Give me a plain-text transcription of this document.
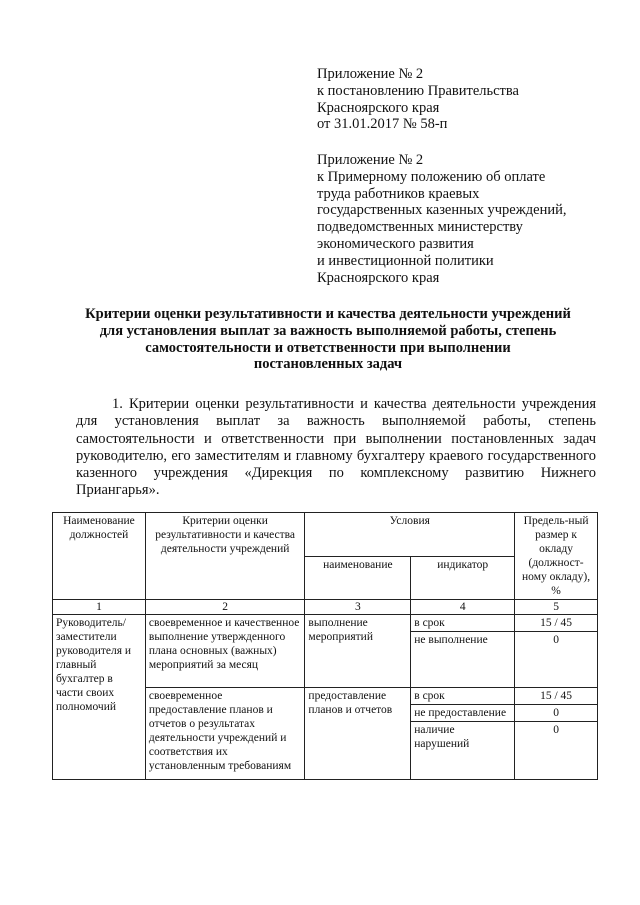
Приложение № 2
к постановлению Правительства
Красноярского края
от 31.01.2017 № 58-п
Приложение № 2
к Примерному положению об оплате
труда работников краевых
государственных казенных учреждений,
подведомственных министерству
экономического развития
и инвестиционной политики
Красноярского края
Критерии оценки результативности и качества деятельности учреждений
для установления выплат за важность выполняемой работы, степень
самостоятельности и ответственности при выполнении
постановленных задач

1. Критерии оценки результативности и качества деятельности учреждения для установления выплат за важность выполняемой работы, степень самостоятельности и ответственности при выполнении постановленных задач руководителю, его заместителям и главному бухгалтеру краевого государственного казенного учреждения «Дирекция по комплексному развитию Нижнего Приангарья».

Наименование должностей	Критерии оценки результативности и качества деятельности учреждений	Условия		Предель-ный размер к окладу (должност-ному окладу), %
		наименование	индикатор	
1	2	3	4	5
Руководитель/ заместители руководителя и главный бухгалтер в части своих полномочий	своевременное и качественное выполнение утвержденного плана основных (важных) мероприятий за месяц	выполнение мероприятий	в срок	15 / 45
			не выполнение	0
	своевременное предоставление планов и отчетов о результатах деятельности учреждений и соответствия их установленным требованиям	предоставление планов и отчетов	в срок	15 / 45
			не предоставление	0
			наличие нарушений	0
